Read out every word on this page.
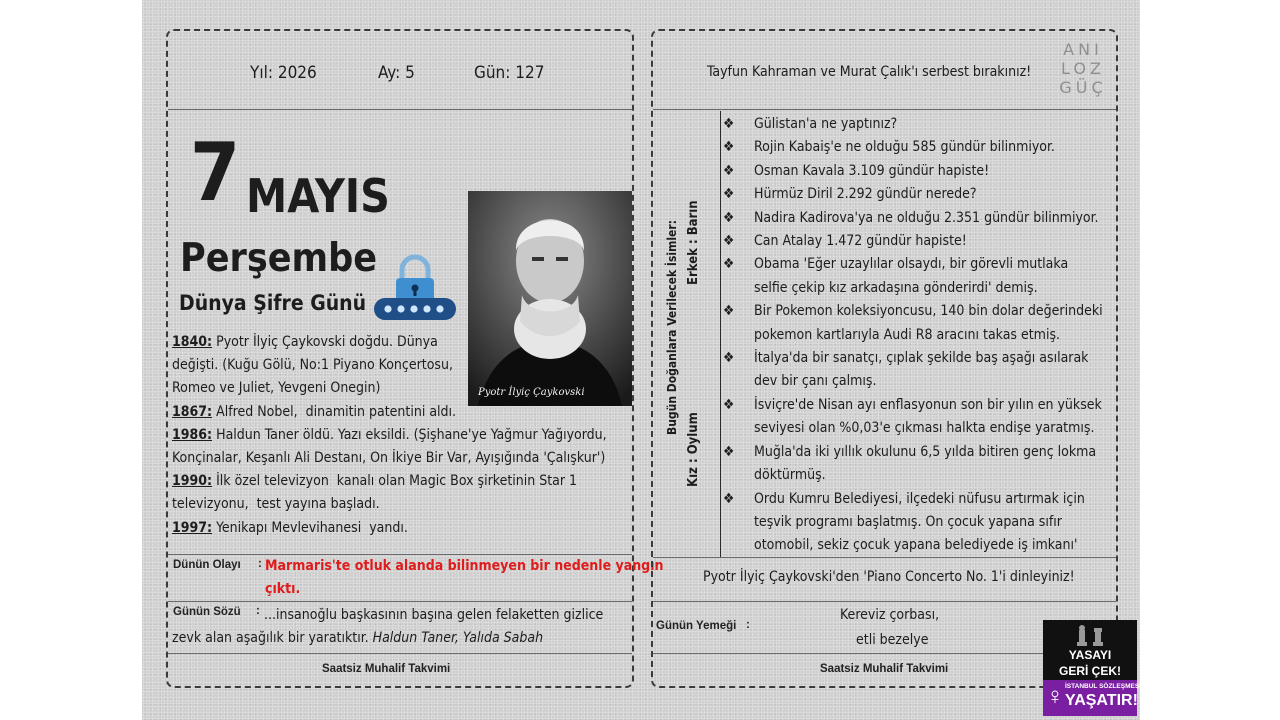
Yıl: 2026	Ay: 5	Gün: 127
7 MAYIS
Perşembe
Dünya Şifre Günü
Pyotr İlyiç Çaykovski
1840: Pyotr İlyiç Çaykovski doğdu. Dünya
değişti. (Kuğu Gölü, No:1 Piyano Konçertosu,
Romeo ve Juliet, Yevgeni Onegin)
1867: Alfred Nobel,  dinamitin patentini aldı.
1986: Haldun Taner öldü. Yazı eksildi. (Şişhane'ye Yağmur Yağıyordu,
Konçinalar, Keşanlı Ali Destanı, On İkiye Bir Var, Ayışığında 'Çalışkur')
1990: İlk özel televizyon  kanalı olan Magic Box şirketinin Star 1
televizyonu,  test yayına başladı.
1997: Yenikapı Mevlevihanesi  yandı.
Dünün Olayı : Marmaris'te otluk alanda bilinmeyen bir nedenle yangın
çıktı.
Günün Sözü : ...insanoğlu başkasının başına gelen felaketten gizlice
zevk alan aşağılık bir yaratıktır. Haldun Taner, Yalıda Sabah
Saatsiz Muhalif Takvimi
Tayfun Kahraman ve Murat Çalık'ı serbest bırakınız!
ANI
LOZ
GÜÇ
Bugün Doğanlara Verilecek İsimler: Erkek : Barın
Kız : Oylum
❖ Gülistan'a ne yaptınız?
❖ Rojin Kabaiş'e ne olduğu 585 gündür bilinmiyor.
❖ Osman Kavala 3.109 gündür hapiste!
❖ Hürmüz Diril 2.292 gündür nerede?
❖ Nadira Kadirova'ya ne olduğu 2.351 gündür bilinmiyor.
❖ Can Atalay 1.472 gündür hapiste!
❖ Obama 'Eğer uzaylılar olsaydı, bir görevli mutlaka
selfie çekip kız arkadaşına gönderirdi' demiş.
❖ Bir Pokemon koleksiyoncusu, 140 bin dolar değerindeki
pokemon kartlarıyla Audi R8 aracını takas etmiş.
❖ İtalya'da bir sanatçı, çıplak şekilde baş aşağı asılarak
dev bir çanı çalmış.
❖ İsviçre'de Nisan ayı enflasyonun son bir yılın en yüksek
seviyesi olan %0,03'e çıkması halkta endişe yaratmış.
❖ Muğla'da iki yıllık okulunu 6,5 yılda bitiren genç lokma
döktürmüş.
❖ Ordu Kumru Belediyesi, ilçedeki nüfusu artırmak için
teşvik programı başlatmış. On çocuk yapana sıfır
otomobil, sekiz çocuk yapana belediyede iş imkanı'
Pyotr İlyiç Çaykovski'den 'Piano Concerto No. 1'i dinleyiniz!
Günün Yemeği :
Kereviz çorbası,
etli bezelye
Saatsiz Muhalif Takvimi
YASAYI
GERİ ÇEK!
♀ İSTANBUL SÖZLEŞMESİ
YAŞATIR!
